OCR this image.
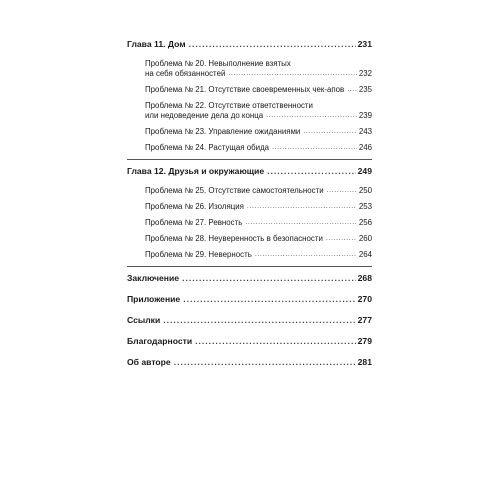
Глава 11. Дом .....	231
Проблема № 20. Невыполнение взятых
на себя обязанностей .....	232
Проблема № 21. Отсутствие своевременных чек-апов ..... 235
Проблема № 22. Отсутствие ответственности
или недоведение дела до конца .....	239
Проблема № 23. Управление ожиданиями .....	243
Проблема № 24. Растущая обида .....	246
Глава 12. Друзья и окружающие .....	249
Проблема № 25. Отсутствие самостоятельности .....	250
Проблема № 26. Изоляция .....	253
Проблема № 27. Ревность .....	256
Проблема № 28. Неуверенность в безопасности .....	260
Проблема № 29. Неверность .....	264
Заключение .....	268
Приложение .....	270
Ссылки .....	277
Благодарности .....	279
Об авторе .....	281
